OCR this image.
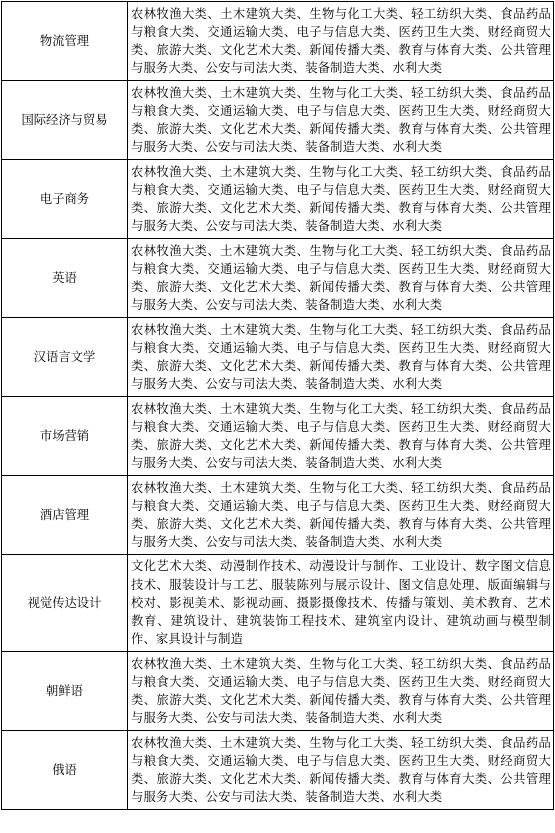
物流管理	农林牧渔大类、土木建筑大类、生物与化工大类、轻工纺织大类、食品药品与粮食大类、交通运输大类、电子与信息大类、医药卫生大类、财经商贸大类、旅游大类、文化艺术大类、新闻传播大类、教育与体育大类、公共管理与服务大类、公安与司法大类、装备制造大类、水利大类
国际经济与贸易	农林牧渔大类、土木建筑大类、生物与化工大类、轻工纺织大类、食品药品与粮食大类、交通运输大类、电子与信息大类、医药卫生大类、财经商贸大类、旅游大类、文化艺术大类、新闻传播大类、教育与体育大类、公共管理与服务大类、公安与司法大类、装备制造大类、水利大类
电子商务	农林牧渔大类、土木建筑大类、生物与化工大类、轻工纺织大类、食品药品与粮食大类、交通运输大类、电子与信息大类、医药卫生大类、财经商贸大类、旅游大类、文化艺术大类、新闻传播大类、教育与体育大类、公共管理与服务大类、公安与司法大类、装备制造大类、水利大类
英语	农林牧渔大类、土木建筑大类、生物与化工大类、轻工纺织大类、食品药品与粮食大类、交通运输大类、电子与信息大类、医药卫生大类、财经商贸大类、旅游大类、文化艺术大类、新闻传播大类、教育与体育大类、公共管理与服务大类、公安与司法大类、装备制造大类、水利大类
汉语言文学	农林牧渔大类、土木建筑大类、生物与化工大类、轻工纺织大类、食品药品与粮食大类、交通运输大类、电子与信息大类、医药卫生大类、财经商贸大类、旅游大类、文化艺术大类、新闻传播大类、教育与体育大类、公共管理与服务大类、公安与司法大类、装备制造大类、水利大类
市场营销	农林牧渔大类、土木建筑大类、生物与化工大类、轻工纺织大类、食品药品与粮食大类、交通运输大类、电子与信息大类、医药卫生大类、财经商贸大类、旅游大类、文化艺术大类、新闻传播大类、教育与体育大类、公共管理与服务大类、公安与司法大类、装备制造大类、水利大类
酒店管理	农林牧渔大类、土木建筑大类、生物与化工大类、轻工纺织大类、食品药品与粮食大类、交通运输大类、电子与信息大类、医药卫生大类、财经商贸大类、旅游大类、文化艺术大类、新闻传播大类、教育与体育大类、公共管理与服务大类、公安与司法大类、装备制造大类、水利大类
视觉传达设计	文化艺术大类、动漫制作技术、动漫设计与制作、工业设计、数字图文信息技术、服装设计与工艺、服装陈列与展示设计、图文信息处理、版面编辑与校对、影视美术、影视动画、摄影摄像技术、传播与策划、美术教育、艺术教育、建筑设计、建筑装饰工程技术、建筑室内设计、建筑动画与模型制作、家具设计与制造
朝鲜语	农林牧渔大类、土木建筑大类、生物与化工大类、轻工纺织大类、食品药品与粮食大类、交通运输大类、电子与信息大类、医药卫生大类、财经商贸大类、旅游大类、文化艺术大类、新闻传播大类、教育与体育大类、公共管理与服务大类、公安与司法大类、装备制造大类、水利大类
俄语	农林牧渔大类、土木建筑大类、生物与化工大类、轻工纺织大类、食品药品与粮食大类、交通运输大类、电子与信息大类、医药卫生大类、财经商贸大类、旅游大类、文化艺术大类、新闻传播大类、教育与体育大类、公共管理与服务大类、公安与司法大类、装备制造大类、水利大类
